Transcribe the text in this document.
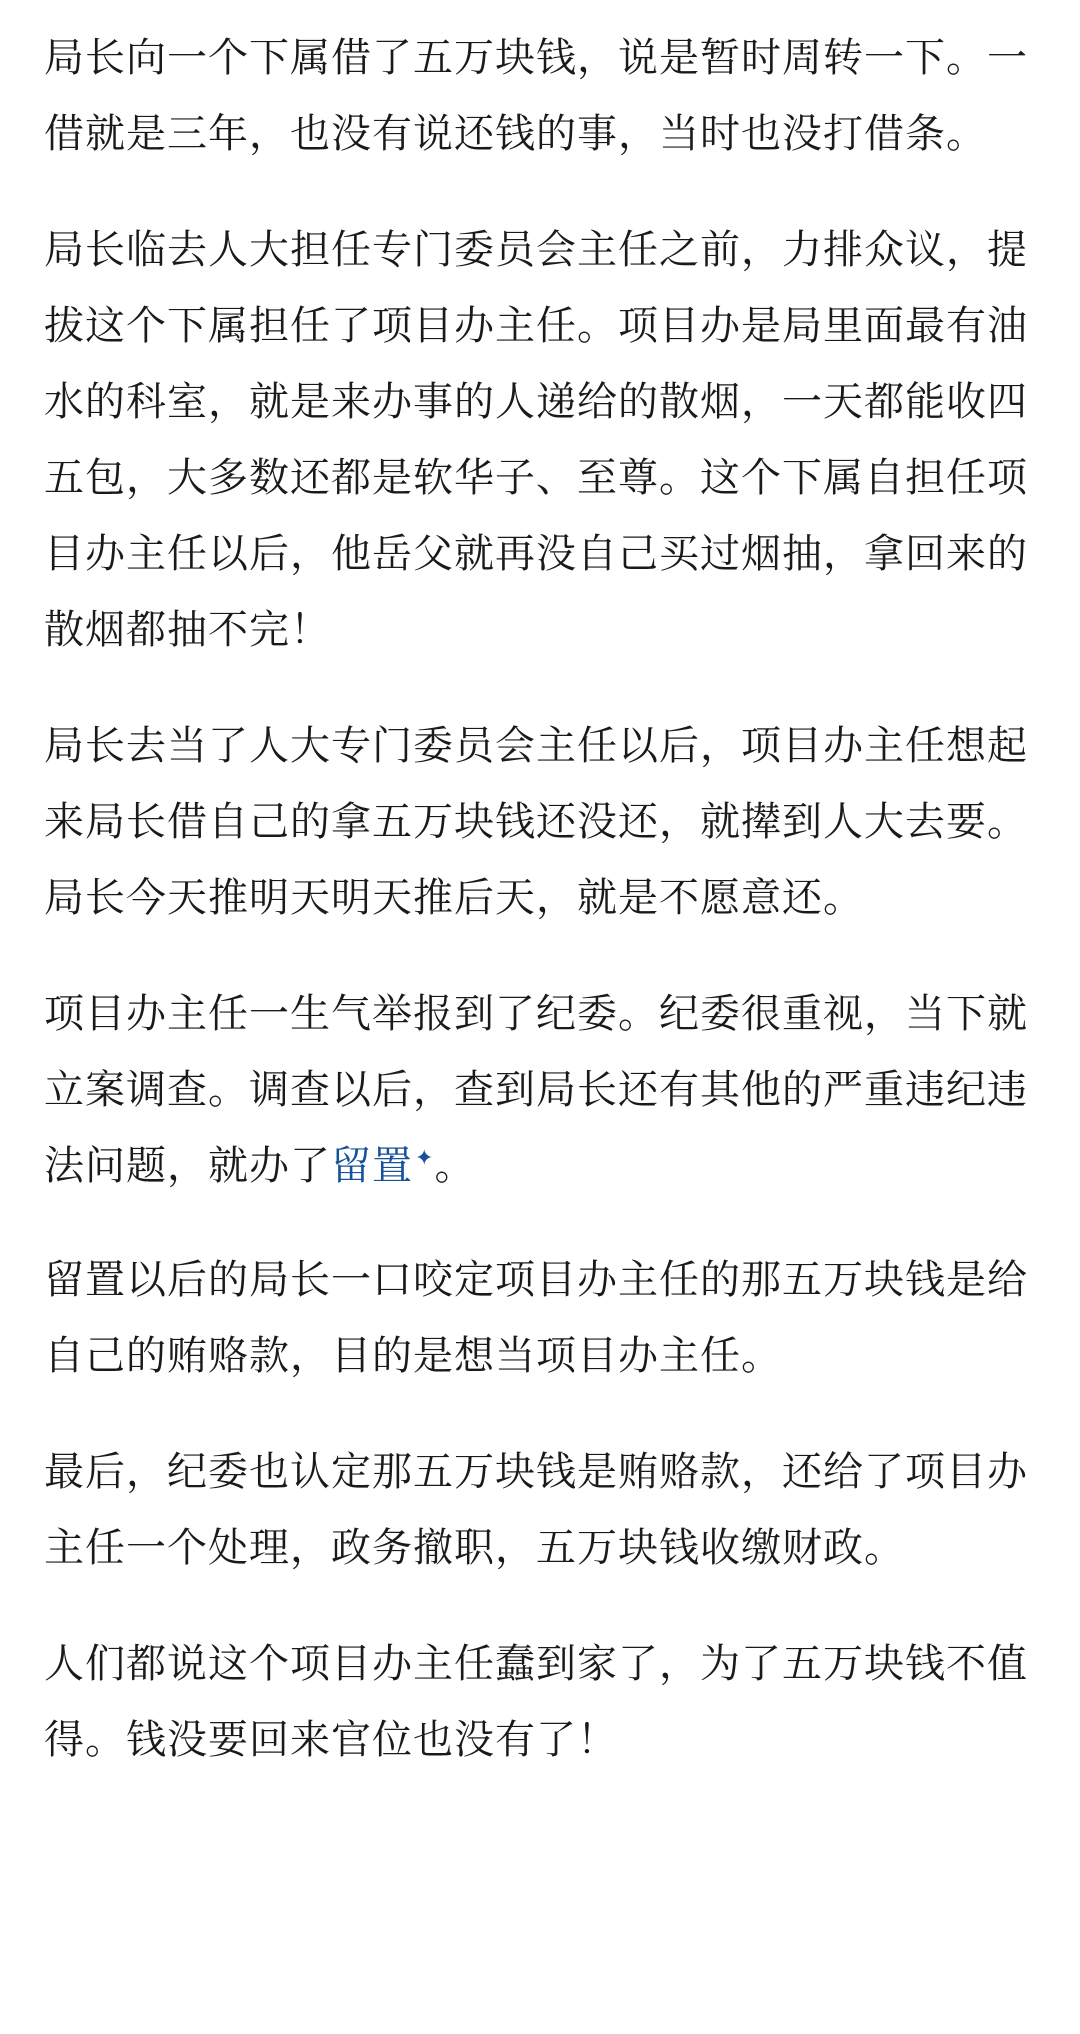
局长向一个下属借了五万块钱，说是暂时周转一下。一借就是三年，也没有说还钱的事，当时也没打借条。

局长临去人大担任专门委员会主任之前，力排众议，提拔这个下属担任了项目办主任。项目办是局里面最有油水的科室，就是来办事的人递给的散烟，一天都能收四五包，大多数还都是软华子、至尊。这个下属自担任项目办主任以后，他岳父就再没自己买过烟抽，拿回来的散烟都抽不完！

局长去当了人大专门委员会主任以后，项目办主任想起来局长借自己的拿五万块钱还没还，就撵到人大去要。局长今天推明天明天推后天，就是不愿意还。

项目办主任一生气举报到了纪委。纪委很重视，当下就立案调查。调查以后，查到局长还有其他的严重违纪违法问题，就办了留置✦。

留置以后的局长一口咬定项目办主任的那五万块钱是给自己的贿赂款，目的是想当项目办主任。

最后，纪委也认定那五万块钱是贿赂款，还给了项目办主任一个处理，政务撤职，五万块钱收缴财政。

人们都说这个项目办主任蠢到家了，为了五万块钱不值得。钱没要回来官位也没有了！
